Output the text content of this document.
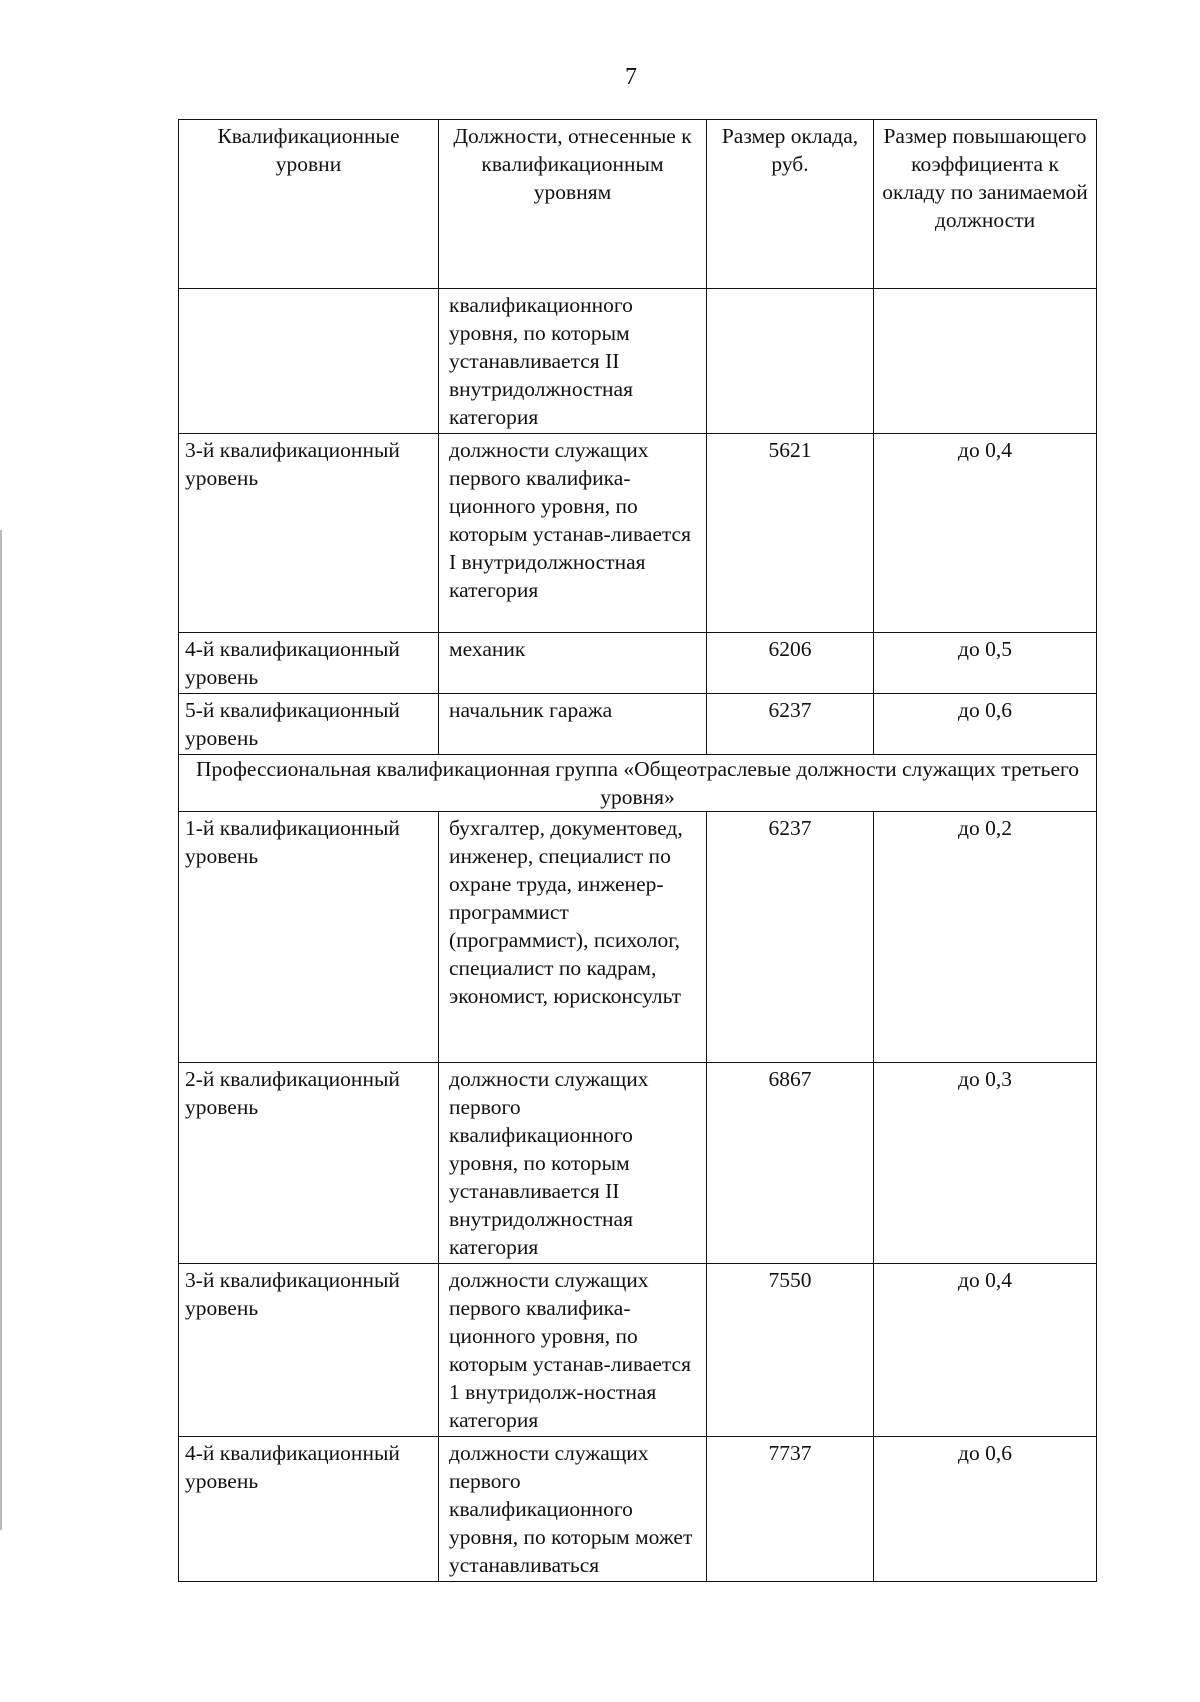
7
Квалификационные уровни	Должности, отнесенные к квалификационным уровням	Размер оклада, руб.	Размер повышающего коэффициента к окладу по занимаемой должности
	квалификационного уровня, по которым устанавливается II внутридолжностная категория		
3-й квалификационный уровень	должности служащих первого квалифика-ционного уровня, по которым устанав-ливается I внутридолжностная категория	5621	до 0,4
4-й квалификационный уровень	механик	6206	до 0,5
5-й квалификационный уровень	начальник гаража	6237	до 0,6
Профессиональная квалификационная группа «Общеотраслевые должности служащих третьего уровня»			
1-й квалификационный уровень	бухгалтер, документовед, инженер, специалист по охране труда, инженер-программист (программист), психолог, специалист по кадрам, экономист, юрисконсульт	6237	до 0,2
2-й квалификационный уровень	должности служащих первого квалификационного уровня, по которым устанавливается II внутридолжностная категория	6867	до 0,3
3-й квалификационный уровень	должности служащих первого квалифика-ционного уровня, по которым устанав-ливается 1 внутридолж-ностная категория	7550	до 0,4
4-й квалификационный уровень	должности служащих первого квалификационного уровня, по которым может устанавливаться	7737	до 0,6
